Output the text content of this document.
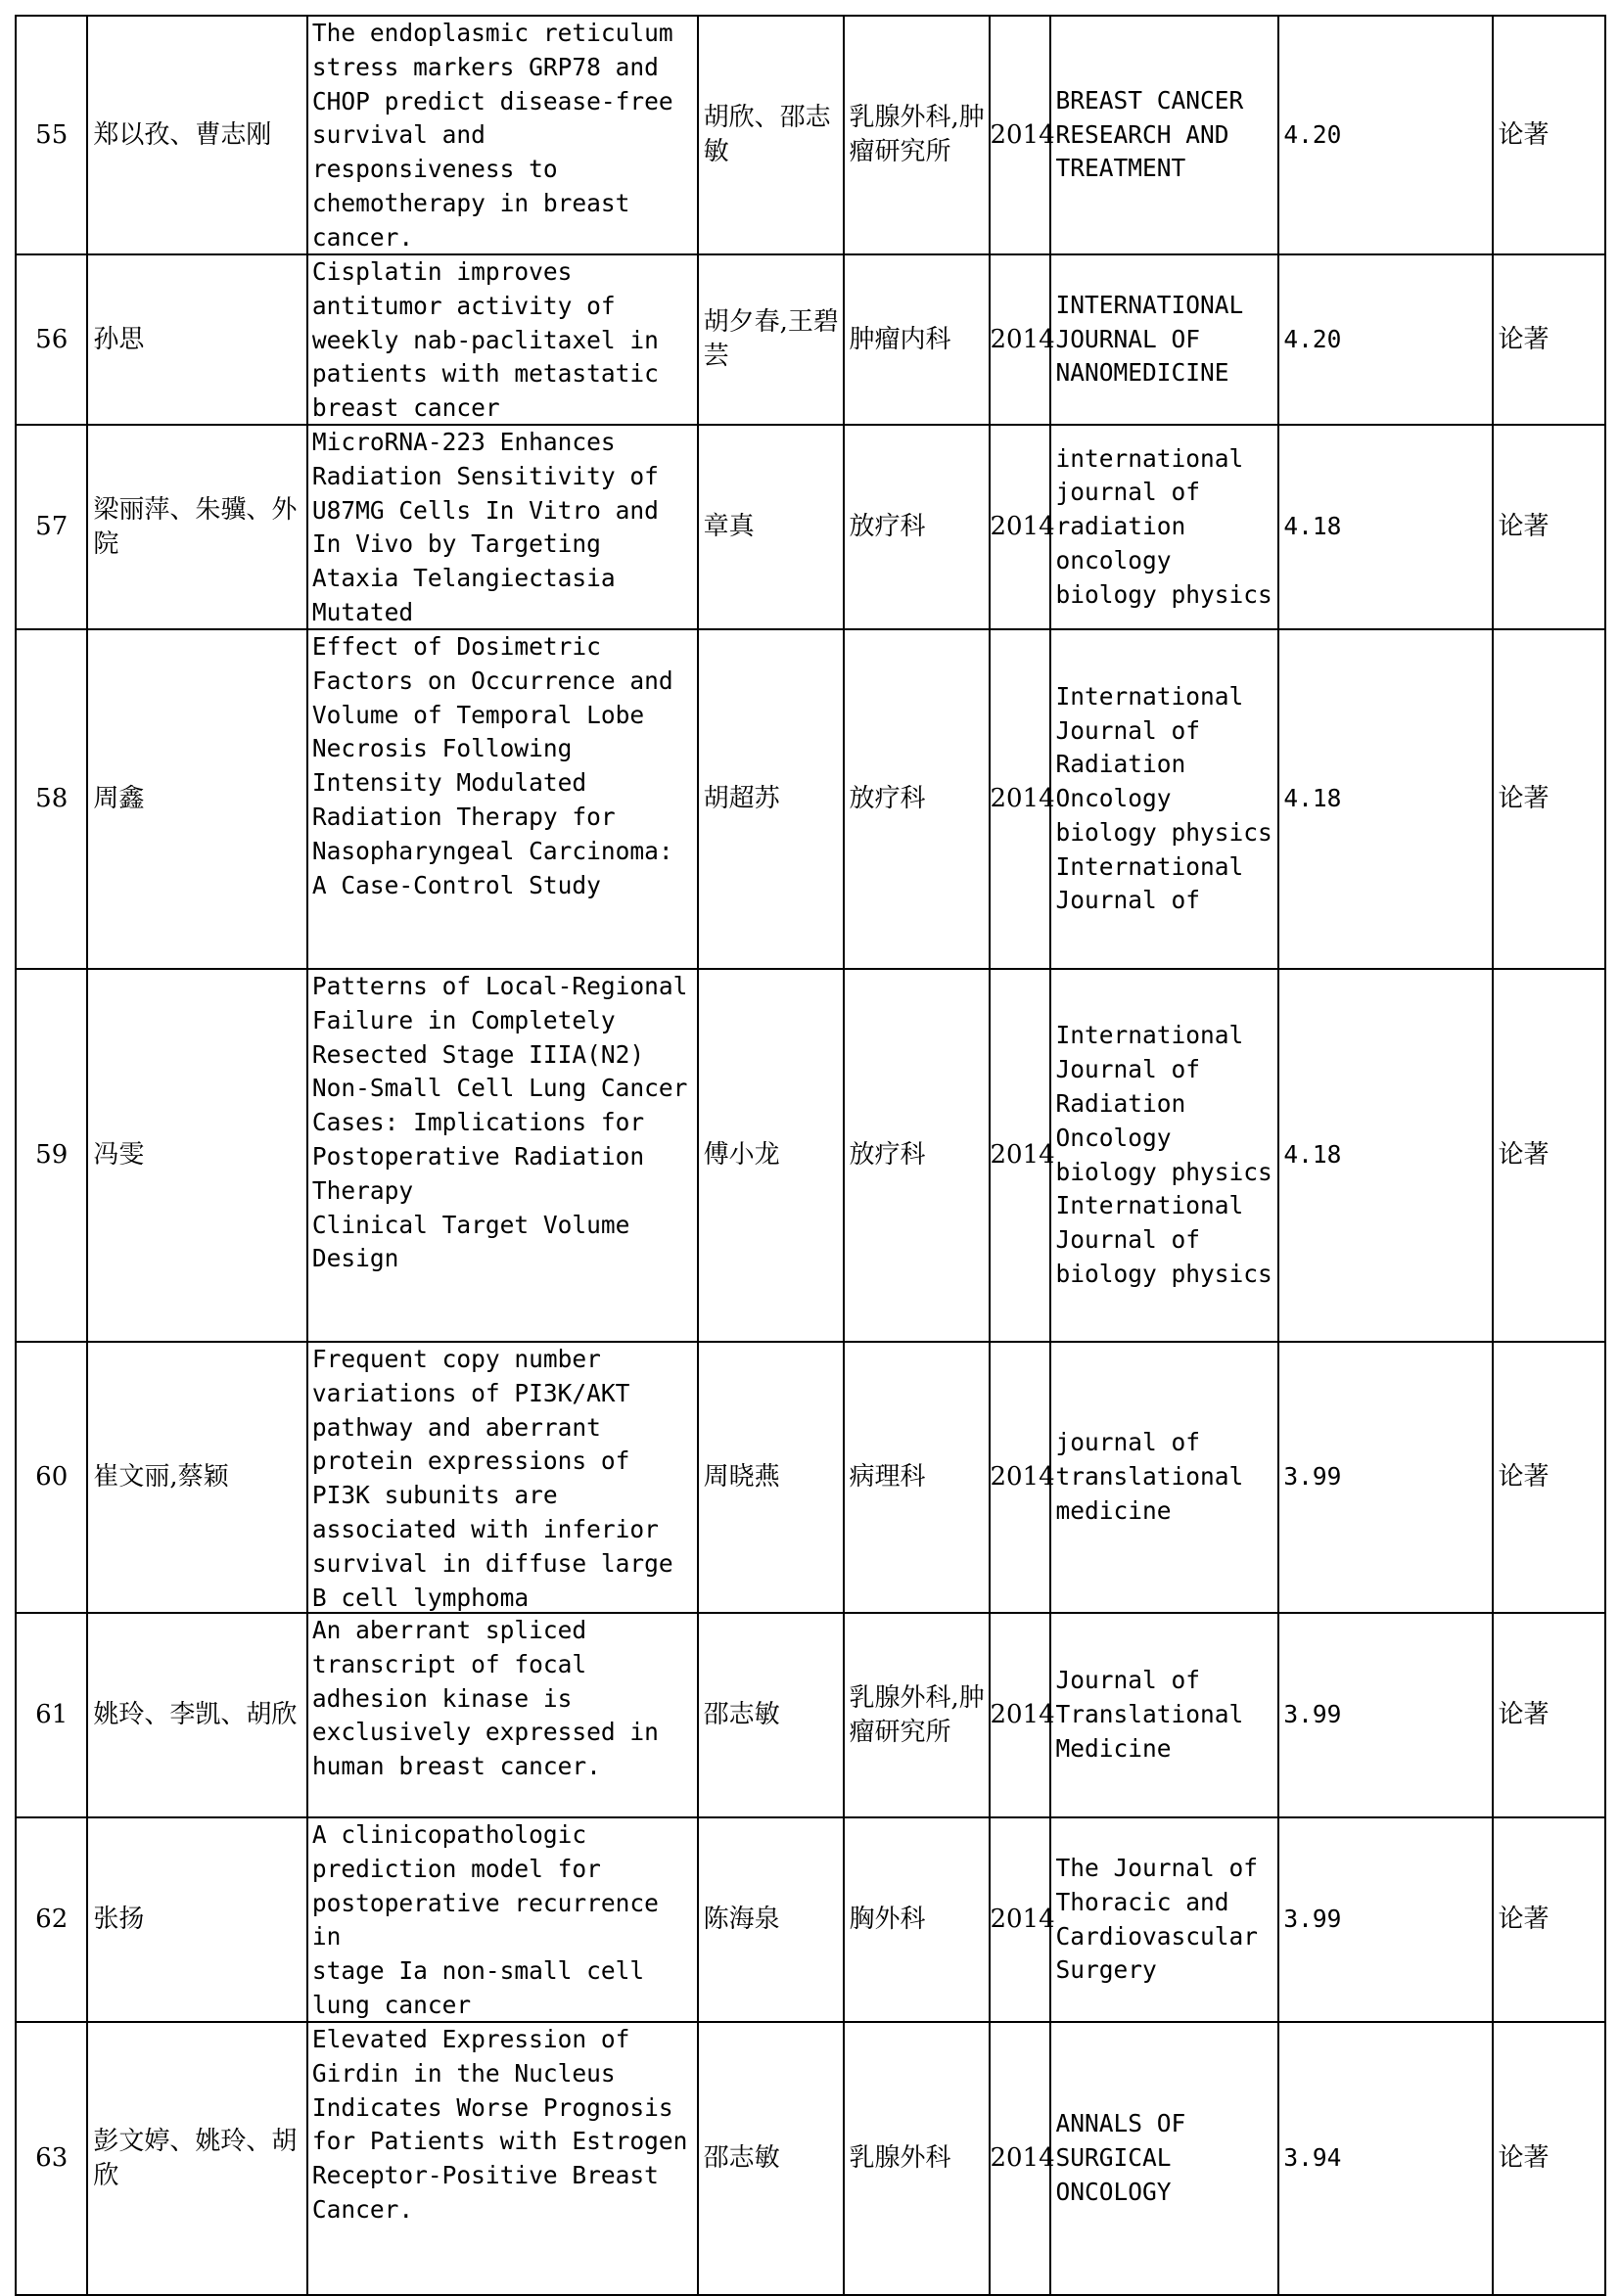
55	郑以孜、曹志刚	The endoplasmic reticulum stress markers GRP78 and CHOP predict disease-free survival and responsiveness to chemotherapy in breast cancer.	胡欣、邵志敏	乳腺外科,肿瘤研究所	2014	BREAST CANCER RESEARCH AND TREATMENT	4.20	论著

56	孙思	Cisplatin improves antitumor activity of weekly nab-paclitaxel in patients with metastatic breast cancer	胡夕春,王碧芸	肿瘤内科	2014	INTERNATIONAL JOURNAL OF NANOMEDICINE	4.20	论著

57	梁丽萍、朱骥、外院	MicroRNA-223 Enhances Radiation Sensitivity of U87MG Cells In Vitro and In Vivo by Targeting Ataxia Telangiectasia Mutated	章真	放疗科	2014	international journal of radiation oncology biology physics	4.18	论著

58	周鑫	Effect of Dosimetric Factors on Occurrence and Volume of Temporal Lobe Necrosis Following Intensity Modulated Radiation Therapy for Nasopharyngeal Carcinoma: A Case-Control Study	胡超苏	放疗科	2014	International Journal of Radiation Oncology biology physics International Journal of	4.18	论著

59	冯雯	Patterns of Local-Regional Failure in Completely Resected Stage IIIA(N2) Non-Small Cell Lung Cancer Cases: Implications for Postoperative Radiation Therapy
Clinical Target Volume Design	傅小龙	放疗科	2014	International Journal of Radiation Oncology biology physics International Journal of biology physics	4.18	论著

60	崔文丽,蔡颖	Frequent copy number variations of PI3K/AKT pathway and aberrant protein expressions of PI3K subunits are associated with inferior survival in diffuse large B cell lymphoma	周晓燕	病理科	2014	journal of translational medicine	3.99	论著

61	姚玲、李凯、胡欣	An aberrant spliced transcript of focal adhesion kinase is exclusively expressed in human breast cancer.	邵志敏	乳腺外科,肿瘤研究所	2014	Journal of Translational Medicine	3.99	论著

62	张扬	A clinicopathologic prediction model for postoperative recurrence in
stage Ia non‑small cell lung cancer	陈海泉	胸外科	2014	The Journal of Thoracic and Cardiovascular Surgery	3.99	论著

63	彭文婷、姚玲、胡欣	Elevated Expression of Girdin in the Nucleus Indicates Worse Prognosis for Patients with Estrogen Receptor-Positive Breast Cancer.	邵志敏	乳腺外科	2014	ANNALS OF SURGICAL ONCOLOGY	3.94	论著
